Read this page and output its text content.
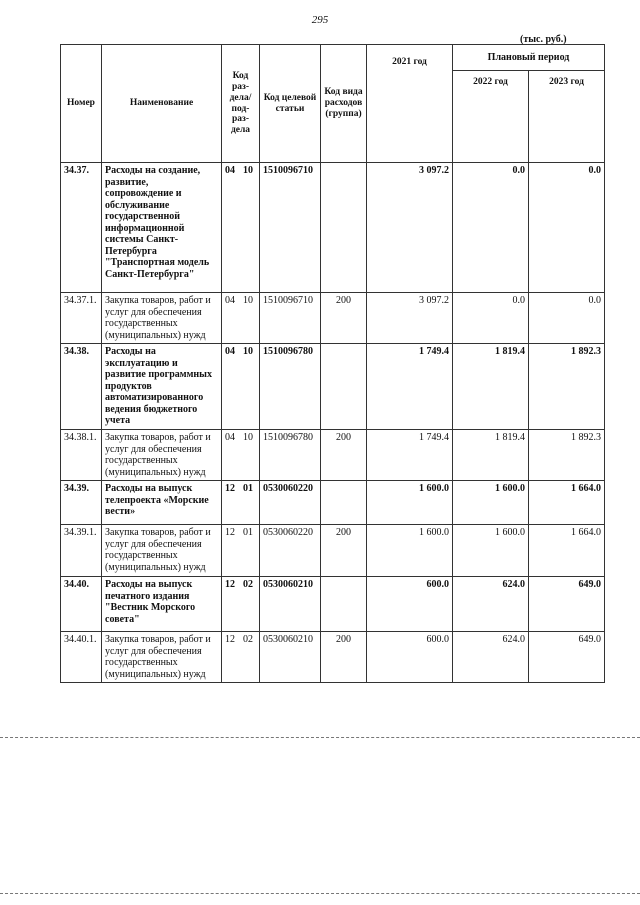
295
(тыс. руб.)
Номер	Наименование	Код раз- дела/ под- раз- дела	Код целевой статьи	Код вида расходов (группа)	2021 год	Плановый период	
						2022 год	2023 год
34.37.	Расходы на создание, развитие, сопровождение и обслуживание государственной информационной системы Санкт-Петербурга "Транспортная модель Санкт-Петербурга"	04 10	1510096710		3 097.2	0.0	0.0
34.37.1.	Закупка товаров, работ и услуг для обеспечения государственных (муниципальных) нужд	04 10	1510096710	200	3 097.2	0.0	0.0
34.38.	Расходы на эксплуатацию и развитие программных продуктов автоматизированного ведения бюджетного учета	04 10	1510096780		1 749.4	1 819.4	1 892.3
34.38.1.	Закупка товаров, работ и услуг для обеспечения государственных (муниципальных) нужд	04 10	1510096780	200	1 749.4	1 819.4	1 892.3
34.39.	Расходы на выпуск телепроекта «Морские вести»	12 01	0530060220		1 600.0	1 600.0	1 664.0
34.39.1.	Закупка товаров, работ и услуг для обеспечения государственных (муниципальных) нужд	12 01	0530060220	200	1 600.0	1 600.0	1 664.0
34.40.	Расходы на выпуск печатного издания "Вестник Морского совета"	12 02	0530060210		600.0	624.0	649.0
34.40.1.	Закупка товаров, работ и услуг для обеспечения государственных (муниципальных) нужд	12 02	0530060210	200	600.0	624.0	649.0
